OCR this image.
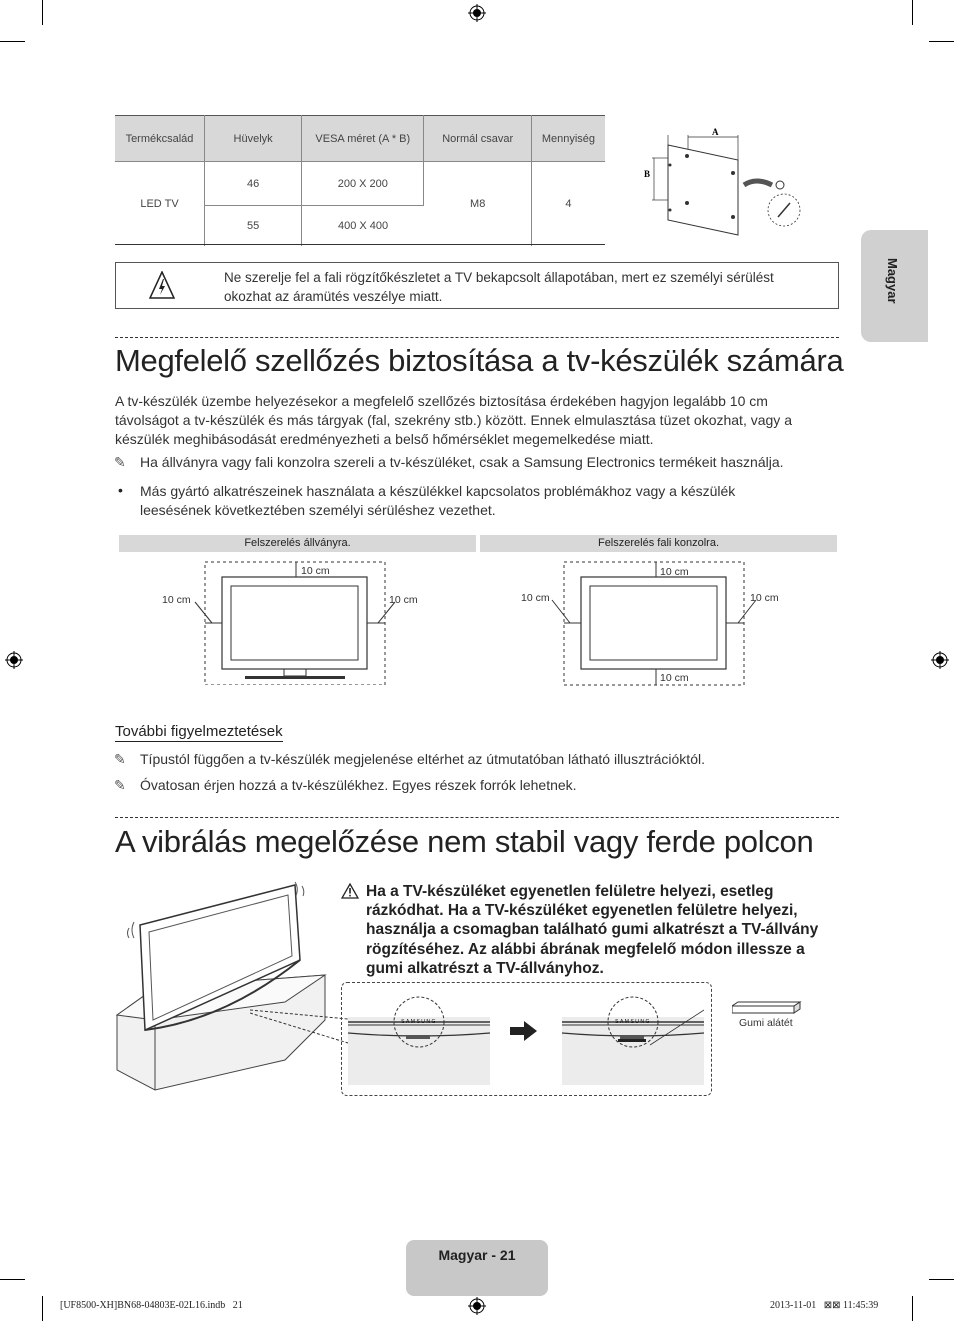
Termékcsalád	Hüvelyk	VESA méret (A * B)	Normál csavar	Mennyiség
LED TV	46	200 X 200	M8	4
	55	400 X 400		
A
B
Ne szerelje fel a fali rögzítőkészletet a TV bekapcsolt állapotában, mert ez személyi sérülést okozhat az áramütés veszélye miatt.	Magyar
Megfelelő szellőzés biztosítása a tv-készülék számára
A tv-készülék üzembe helyezésekor a megfelelő szellőzés biztosítása érdekében hagyjon legalább 10 cm távolságot a tv-készülék és más tárgyak (fal, szekrény stb.) között. Ennek elmulasztása tüzet okozhat, vagy a készülék meghibásodását eredményezheti a belső hőmérséklet megemelkedése miatt.
✎ Ha állványra vagy fali konzolra szereli a tv-készüléket, csak a Samsung Electronics termékeit használja.
• Más gyártó alkatrészeinek használata a készülékkel kapcsolatos problémákhoz vagy a készülék leesésének következtében személyi sérüléshez vezethet.
Felszerelés állványra.	Felszerelés fali konzolra.
10 cm
10 cm	10 cm
10 cm
10 cm	10 cm
10 cm
További figyelmeztetések
✎ Típustól függően a tv-készülék megjelenése eltérhet az útmutatóban látható illusztrációktól.
✎ Óvatosan érjen hozzá a tv-készülékhez. Egyes részek forrók lehetnek.
A vibrálás megelőzése nem stabil vagy ferde polcon
Ha a TV-készüléket egyenetlen felületre helyezi, esetleg rázkódhat. Ha a TV-készüléket egyenetlen felületre helyezi, használja a csomagban található gumi alkatrészt a TV-állvány rögzítéséhez. Az alábbi ábrának megfelelő módon illessze a gumi alkatrészt a TV-állványhoz.
SAMSUNG	SAMSUNG	Gumi alátét
Magyar - 21
[UF8500-XH]BN68-04803E-02L16.indb   21	2013-11-01   ⊠⊠ 11:45:39
